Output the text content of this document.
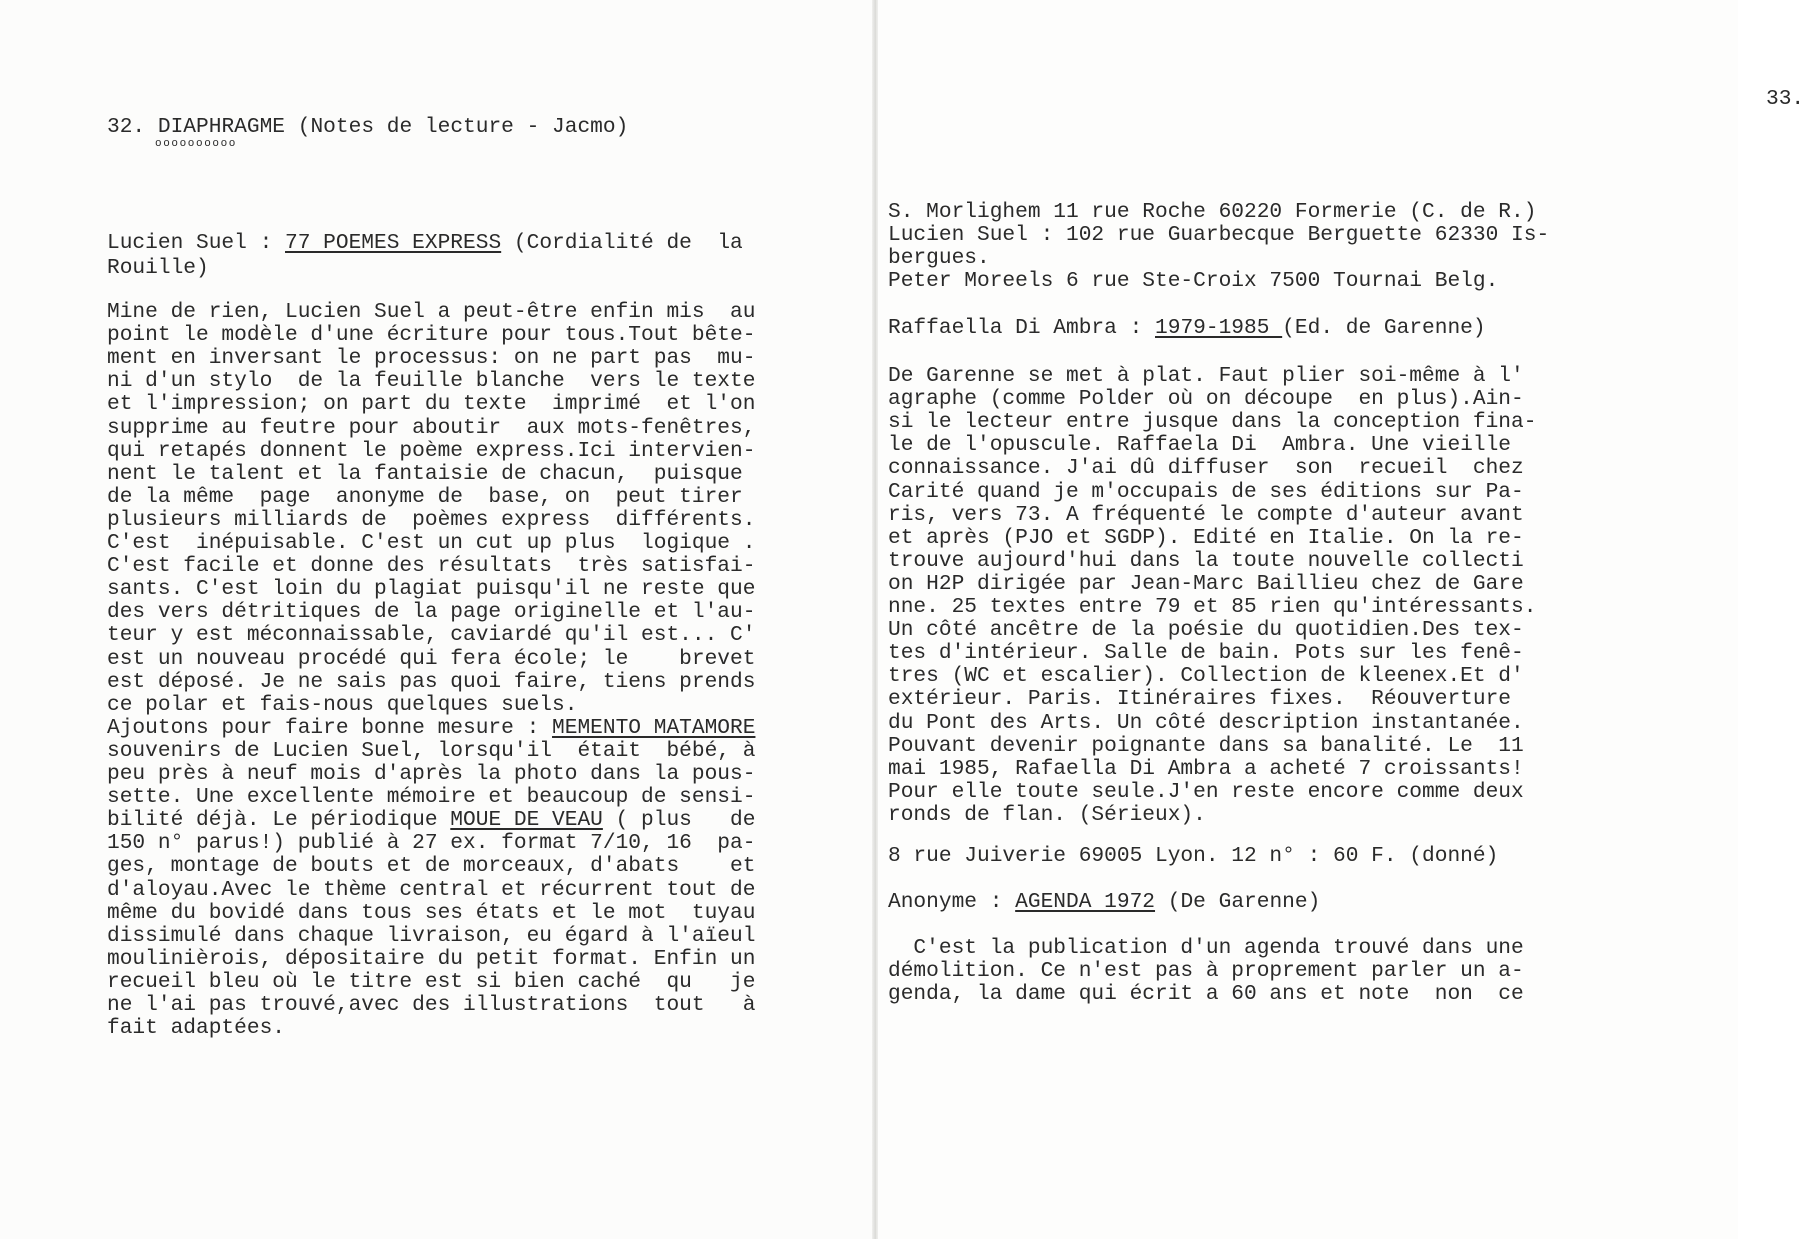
32. DIAPHRAGME (Notes de lecture - Jacmo)
oooooooooo
Lucien Suel : 77 POEMES EXPRESS (Cordialité de  la
Rouille)
Mine de rien, Lucien Suel a peut-être enfin mis  au
point le modèle d'une écriture pour tous.Tout bête-
ment en inversant le processus: on ne part pas  mu-
ni d'un stylo  de la feuille blanche  vers le texte
et l'impression; on part du texte  imprimé  et l'on
supprime au feutre pour aboutir  aux mots-fenêtres,
qui retapés donnent le poème express.Ici intervien-
nent le talent et la fantaisie de chacun,  puisque
de la même  page  anonyme de  base, on  peut tirer
plusieurs milliards de  poèmes express  différents.
C'est  inépuisable. C'est un cut up plus  logique .
C'est facile et donne des résultats  très satisfai-
sants. C'est loin du plagiat puisqu'il ne reste que
des vers détritiques de la page originelle et l'au-
teur y est méconnaissable, caviardé qu'il est... C'
est un nouveau procédé qui fera école; le    brevet
est déposé. Je ne sais pas quoi faire, tiens prends
ce polar et fais-nous quelques suels.
Ajoutons pour faire bonne mesure : MEMENTO MATAMORE
souvenirs de Lucien Suel, lorsqu'il  était  bébé, à
peu près à neuf mois d'après la photo dans la pous-
sette. Une excellente mémoire et beaucoup de sensi-
bilité déjà. Le périodique MOUE DE VEAU ( plus   de
150 n° parus!) publié à 27 ex. format 7/10, 16  pa-
ges, montage de bouts et de morceaux, d'abats    et
d'aloyau.Avec le thème central et récurrent tout de
même du bovidé dans tous ses états et le mot  tuyau
dissimulé dans chaque livraison, eu égard à l'aïeul
moulinièrois, dépositaire du petit format. Enfin un
recueil bleu où le titre est si bien caché  qu   je
ne l'ai pas trouvé,avec des illustrations  tout   à
fait adaptées.
33.
S. Morlighem 11 rue Roche 60220 Formerie (C. de R.)
Lucien Suel : 102 rue Guarbecque Berguette 62330 Is-
bergues.
Peter Moreels 6 rue Ste-Croix 7500 Tournai Belg.
Raffaella Di Ambra : 1979-1985 (Ed. de Garenne)
De Garenne se met à plat. Faut plier soi-même à l'
agraphe (comme Polder où on découpe  en plus).Ain-
si le lecteur entre jusque dans la conception fina-
le de l'opuscule. Raffaela Di  Ambra. Une vieille
connaissance. J'ai dû diffuser  son  recueil  chez
Carité quand je m'occupais de ses éditions sur Pa-
ris, vers 73. A fréquenté le compte d'auteur avant
et après (PJO et SGDP). Edité en Italie. On la re-
trouve aujourd'hui dans la toute nouvelle collecti
on H2P dirigée par Jean-Marc Baillieu chez de Gare
nne. 25 textes entre 79 et 85 rien qu'intéressants.
Un côté ancêtre de la poésie du quotidien.Des tex-
tes d'intérieur. Salle de bain. Pots sur les fenê-
tres (WC et escalier). Collection de kleenex.Et d'
extérieur. Paris. Itinéraires fixes.  Réouverture
du Pont des Arts. Un côté description instantanée.
Pouvant devenir poignante dans sa banalité. Le  11
mai 1985, Rafaella Di Ambra a acheté 7 croissants!
Pour elle toute seule.J'en reste encore comme deux
ronds de flan. (Sérieux).
8 rue Juiverie 69005 Lyon. 12 n° : 60 F. (donné)
Anonyme : AGENDA 1972 (De Garenne)
C'est la publication d'un agenda trouvé dans une
démolition. Ce n'est pas à proprement parler un a-
genda, la dame qui écrit a 60 ans et note  non  ce
